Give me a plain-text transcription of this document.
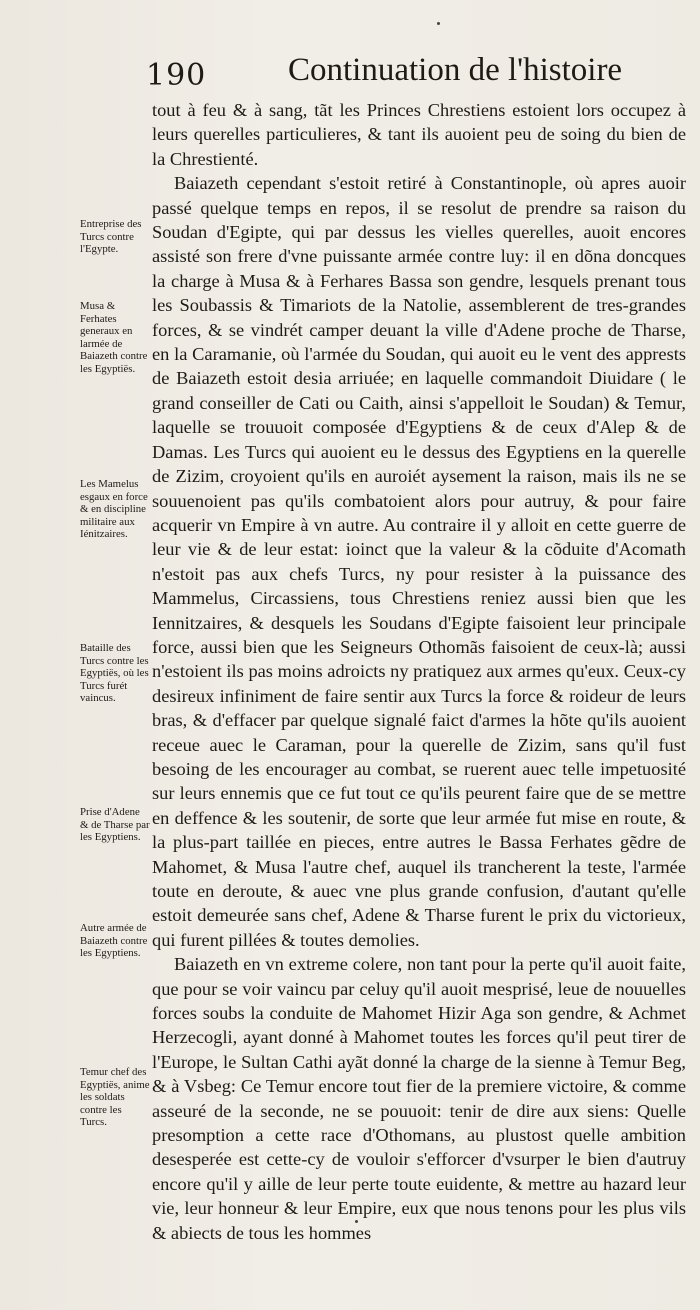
190 Continuation de l'histoire

tout à feu & à sang, tãt les Princes Chrestiens estoient lors occupez à leurs querelles particulieres, & tant ils auoient peu de soing du bien de la Chrestienté.

Baiazeth cependant s'estoit retiré à Constantinople, où apres auoir passé quelque temps en repos, il se resolut de prendre sa raison du Soudan d'Egipte, qui par dessus les vielles querelles, auoit encores assisté son frere d'vne puissante armée contre luy: il en dõna doncques la charge à Musa & à Ferhares Bassa son gendre, lesquels prenant tous les Soubassis & Timariots de la Natolie, assemblerent de tres-grandes forces, & se vindrét camper deuant la ville d'Adene proche de Tharse, en la Caramanie, où l'armée du Soudan, qui auoit eu le vent des apprests de Baiazeth estoit desia arriuée; en laquelle commandoit Diuidare ( le grand conseiller de Cati ou Caith, ainsi s'appelloit le Soudan) & Temur, laquelle se trouuoit composée d'Egyptiens & de ceux d'Alep & de Damas. Les Turcs qui auoient eu le dessus des Egyptiens en la querelle de Zizim, croyoient qu'ils en auroiét aysement la raison, mais ils ne se souuenoient pas qu'ils combatoient alors pour autruy, & pour faire acquerir vn Empire à vn autre. Au contraire il y alloit en cette guerre de leur vie & de leur estat: ioinct que la valeur & la cõduite d'Acomath n'estoit pas aux chefs Turcs, ny pour resister à la puissance des Mammelus, Circassiens, tous Chrestiens reniez aussi bien que les Iennitzaires, & desquels les Soudans d'Egipte faisoient leur principale force, aussi bien que les Seigneurs Othomãs faisoient de ceux-là; aussi n'estoient ils pas moins adroicts ny pratiquez aux armes qu'eux. Ceux-cy desireux infiniment de faire sentir aux Turcs la force & roideur de leurs bras, & d'effacer par quelque signalé faict d'armes la hõte qu'ils auoient receue auec le Caraman, pour la querelle de Zizim, sans qu'il fust besoing de les encourager au combat, se ruerent auec telle impetuosité sur leurs ennemis que ce fut tout ce qu'ils peurent faire que de se mettre en deffence & les soutenir, de sorte que leur armée fut mise en route, & la plus-part taillée en pieces, entre autres le Bassa Ferhates gẽdre de Mahomet, & Musa l'autre chef, auquel ils trancherent la teste, l'armée toute en deroute, & auec vne plus grande confusion, d'autant qu'elle estoit demeurée sans chef, Adene & Tharse furent le prix du victorieux, qui furent pillées & toutes demolies.

Baiazeth en vn extreme colere, non tant pour la perte qu'il auoit faite, que pour se voir vaincu par celuy qu'il auoit mesprisé, leue de nouuelles forces soubs la conduite de Mahomet Hizir Aga son gendre, & Achmet Herzecogli, ayant donné à Mahomet toutes les forces qu'il peut tirer de l'Europe, le Sultan Cathi ayãt donné la charge de la sienne à Temur Beg, & à Vsbeg: Ce Temur encore tout fier de la premiere victoire, & comme asseuré de la seconde, ne se pouuoit: tenir de dire aux siens: Quelle presomption a cette race d'Othomans, au plustost quelle ambition desesperée est cette-cy de vouloir s'efforcer d'vsurper le bien d'autruy encore qu'il y aille de leur perte toute euidente, & mettre au hazard leur vie, leur honneur & leur Empire, eux que nous tenons pour les plus vils & abiects de tous les hommes

Entreprise des Turcs contre l'Egypte.
Musa & Ferhates generaux en larmée de Baiazeth contre les Egyptiës.
Les Mamelus esgaux en force & en discipline militaire aux Iénitzaires.
Bataille des Turcs contre les Egyptiës, où les Turcs furét vaincus.
Prise d'Adene & de Tharse par les Egyptiens.
Autre armée de Baiazeth contre les Egyptiens.
Temur chef des Egyptiës, anime les soldats contre les Turcs.
